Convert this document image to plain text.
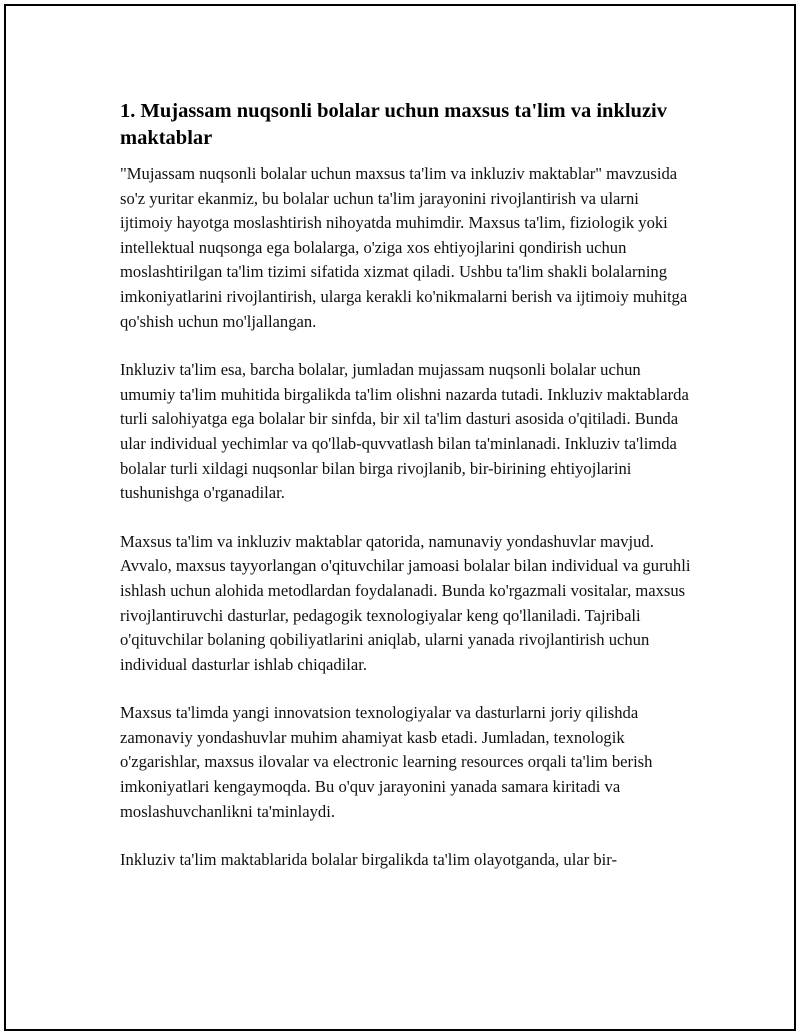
1. Mujassam nuqsonli bolalar uchun maxsus ta'lim va inkluziv maktablar

"Mujassam nuqsonli bolalar uchun maxsus ta'lim va inkluziv maktablar" mavzusida so'z yuritar ekanmiz, bu bolalar uchun ta'lim jarayonini rivojlantirish va ularni ijtimoiy hayotga moslashtirish nihoyatda muhimdir. Maxsus ta'lim, fiziologik yoki intellektual nuqsonga ega bolalarga, o'ziga xos ehtiyojlarini qondirish uchun moslashtirilgan ta'lim tizimi sifatida xizmat qiladi. Ushbu ta'lim shakli bolalarning imkoniyatlarini rivojlantirish, ularga kerakli ko'nikmalarni berish va ijtimoiy muhitga qo'shish uchun mo'ljallangan.

Inkluziv ta'lim esa, barcha bolalar, jumladan mujassam nuqsonli bolalar uchun umumiy ta'lim muhitida birgalikda ta'lim olishni nazarda tutadi. Inkluziv maktablarda turli salohiyatga ega bolalar bir sinfda, bir xil ta'lim dasturi asosida o'qitiladi. Bunda ular individual yechimlar va qo'llab-quvvatlash bilan ta'minlanadi. Inkluziv ta'limda bolalar turli xildagi nuqsonlar bilan birga rivojlanib, bir-birining ehtiyojlarini tushunishga o'rganadilar.

Maxsus ta'lim va inkluziv maktablar qatorida, namunaviy yondashuvlar mavjud. Avvalo, maxsus tayyorlangan o'qituvchilar jamoasi bolalar bilan individual va guruhli ishlash uchun alohida metodlardan foydalanadi. Bunda ko'rgazmali vositalar, maxsus rivojlantiruvchi dasturlar, pedagogik texnologiyalar keng qo'llaniladi. Tajribali o'qituvchilar bolaning qobiliyatlarini aniqlab, ularni yanada rivojlantirish uchun individual dasturlar ishlab chiqadilar.

Maxsus ta'limda yangi innovatsion texnologiyalar va dasturlarni joriy qilishda zamonaviy yondashuvlar muhim ahamiyat kasb etadi. Jumladan, texnologik o'zgarishlar, maxsus ilovalar va electronic learning resources orqali ta'lim berish imkoniyatlari kengaymoqda. Bu o'quv jarayonini yanada samara kiritadi va moslashuvchanlikni ta'minlaydi.

Inkluziv ta'lim maktablarida bolalar birgalikda ta'lim olayotganda, ular bir-
